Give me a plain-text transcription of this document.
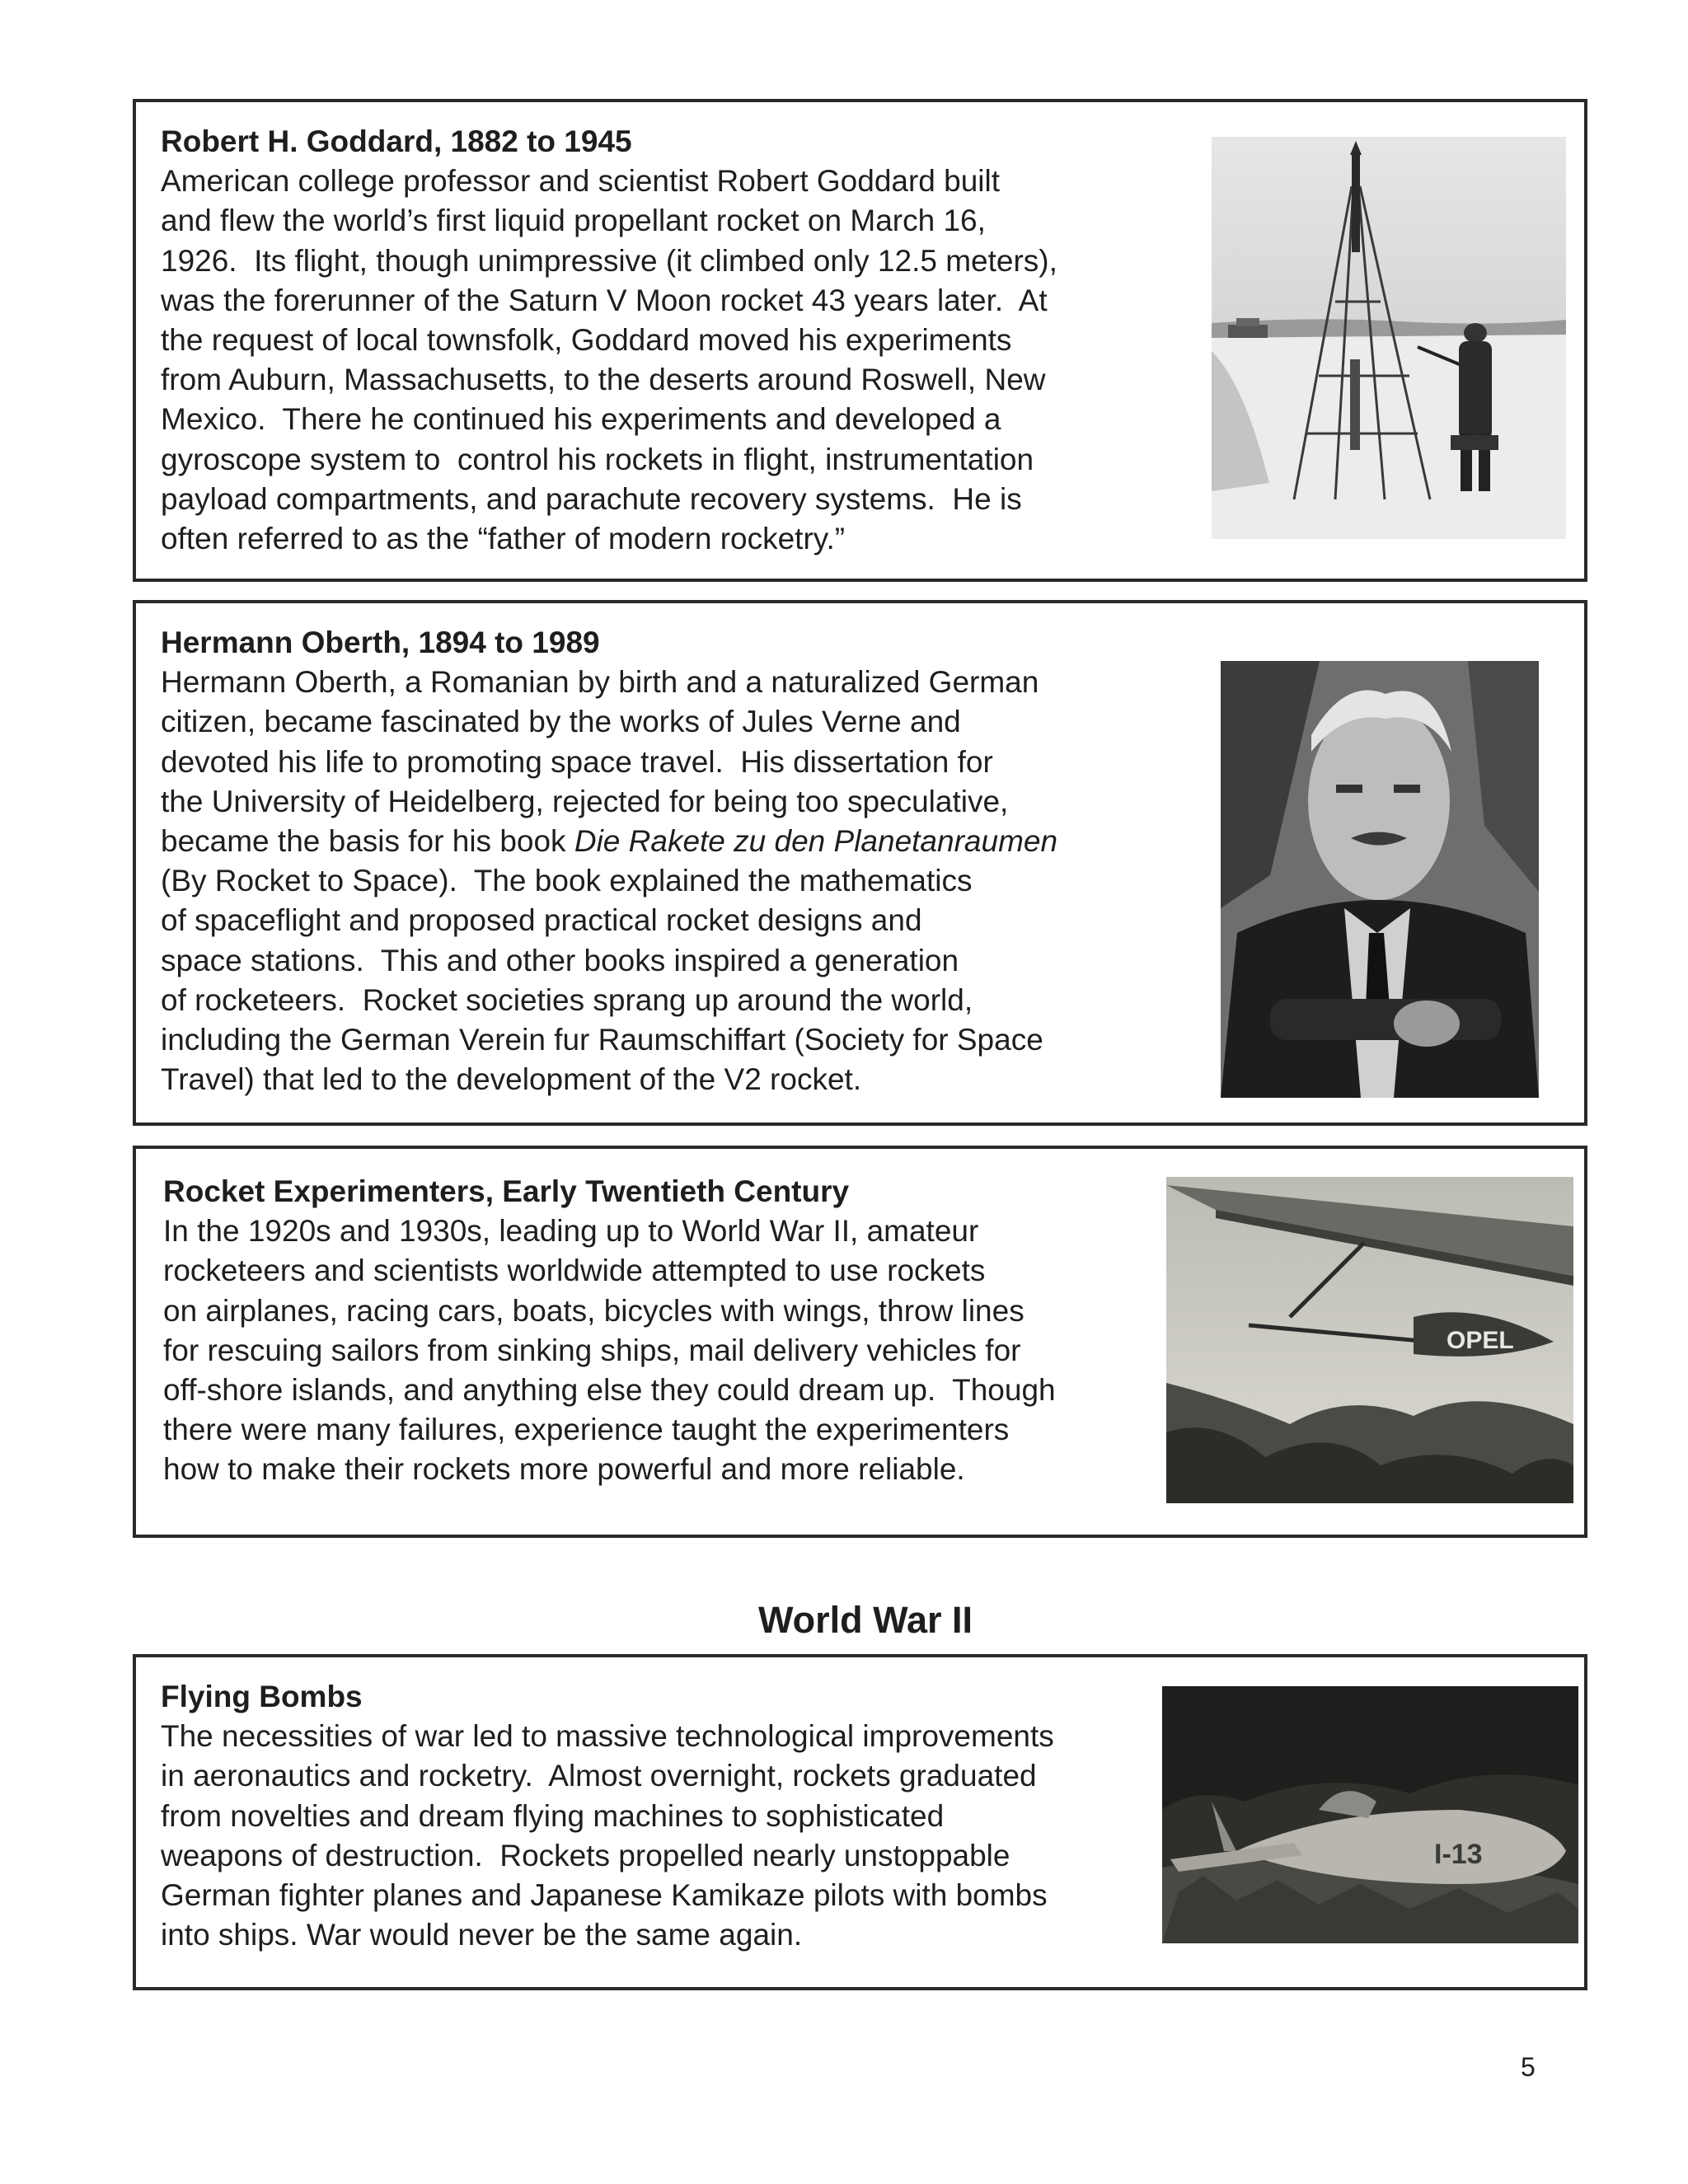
Robert H. Goddard, 1882 to 1945
American college professor and scientist Robert Goddard built
and flew the world’s first liquid propellant rocket on March 16,
1926.  Its flight, though unimpressive (it climbed only 12.5 meters),
was the forerunner of the Saturn V Moon rocket 43 years later.  At
the request of local townsfolk, Goddard moved his experiments
from Auburn, Massachusetts, to the deserts around Roswell, New
Mexico.  There he continued his experiments and developed a
gyroscope system to  control his rockets in flight, instrumentation
payload compartments, and parachute recovery systems.  He is
often referred to as the “father of modern rocketry.”
Hermann Oberth, 1894 to 1989
Hermann Oberth, a Romanian by birth and a naturalized German
citizen, became fascinated by the works of Jules Verne and
devoted his life to promoting space travel.  His dissertation for
the University of Heidelberg, rejected for being too speculative,
became the basis for his book Die Rakete zu den Planetanraumen
(By Rocket to Space).  The book explained the mathematics
of spaceflight and proposed practical rocket designs and
space stations.  This and other books inspired a generation
of rocketeers.  Rocket societies sprang up around the world,
including the German Verein fur Raumschiffart (Society for Space
Travel) that led to the development of the V2 rocket.
Rocket Experimenters, Early Twentieth Century
In the 1920s and 1930s, leading up to World War II, amateur
rocketeers and scientists worldwide attempted to use rockets
on airplanes, racing cars, boats, bicycles with wings, throw lines
for rescuing sailors from sinking ships, mail delivery vehicles for
off-shore islands, and anything else they could dream up.  Though
there were many failures, experience taught the experimenters
how to make their rockets more powerful and more reliable.
OPEL
World War II
Flying Bombs
The necessities of war led to massive technological improvements
in aeronautics and rocketry.  Almost overnight, rockets graduated
from novelties and dream flying machines to sophisticated
weapons of destruction.  Rockets propelled nearly unstoppable
German fighter planes and Japanese Kamikaze pilots with bombs
into ships. War would never be the same again.
I-13
5
